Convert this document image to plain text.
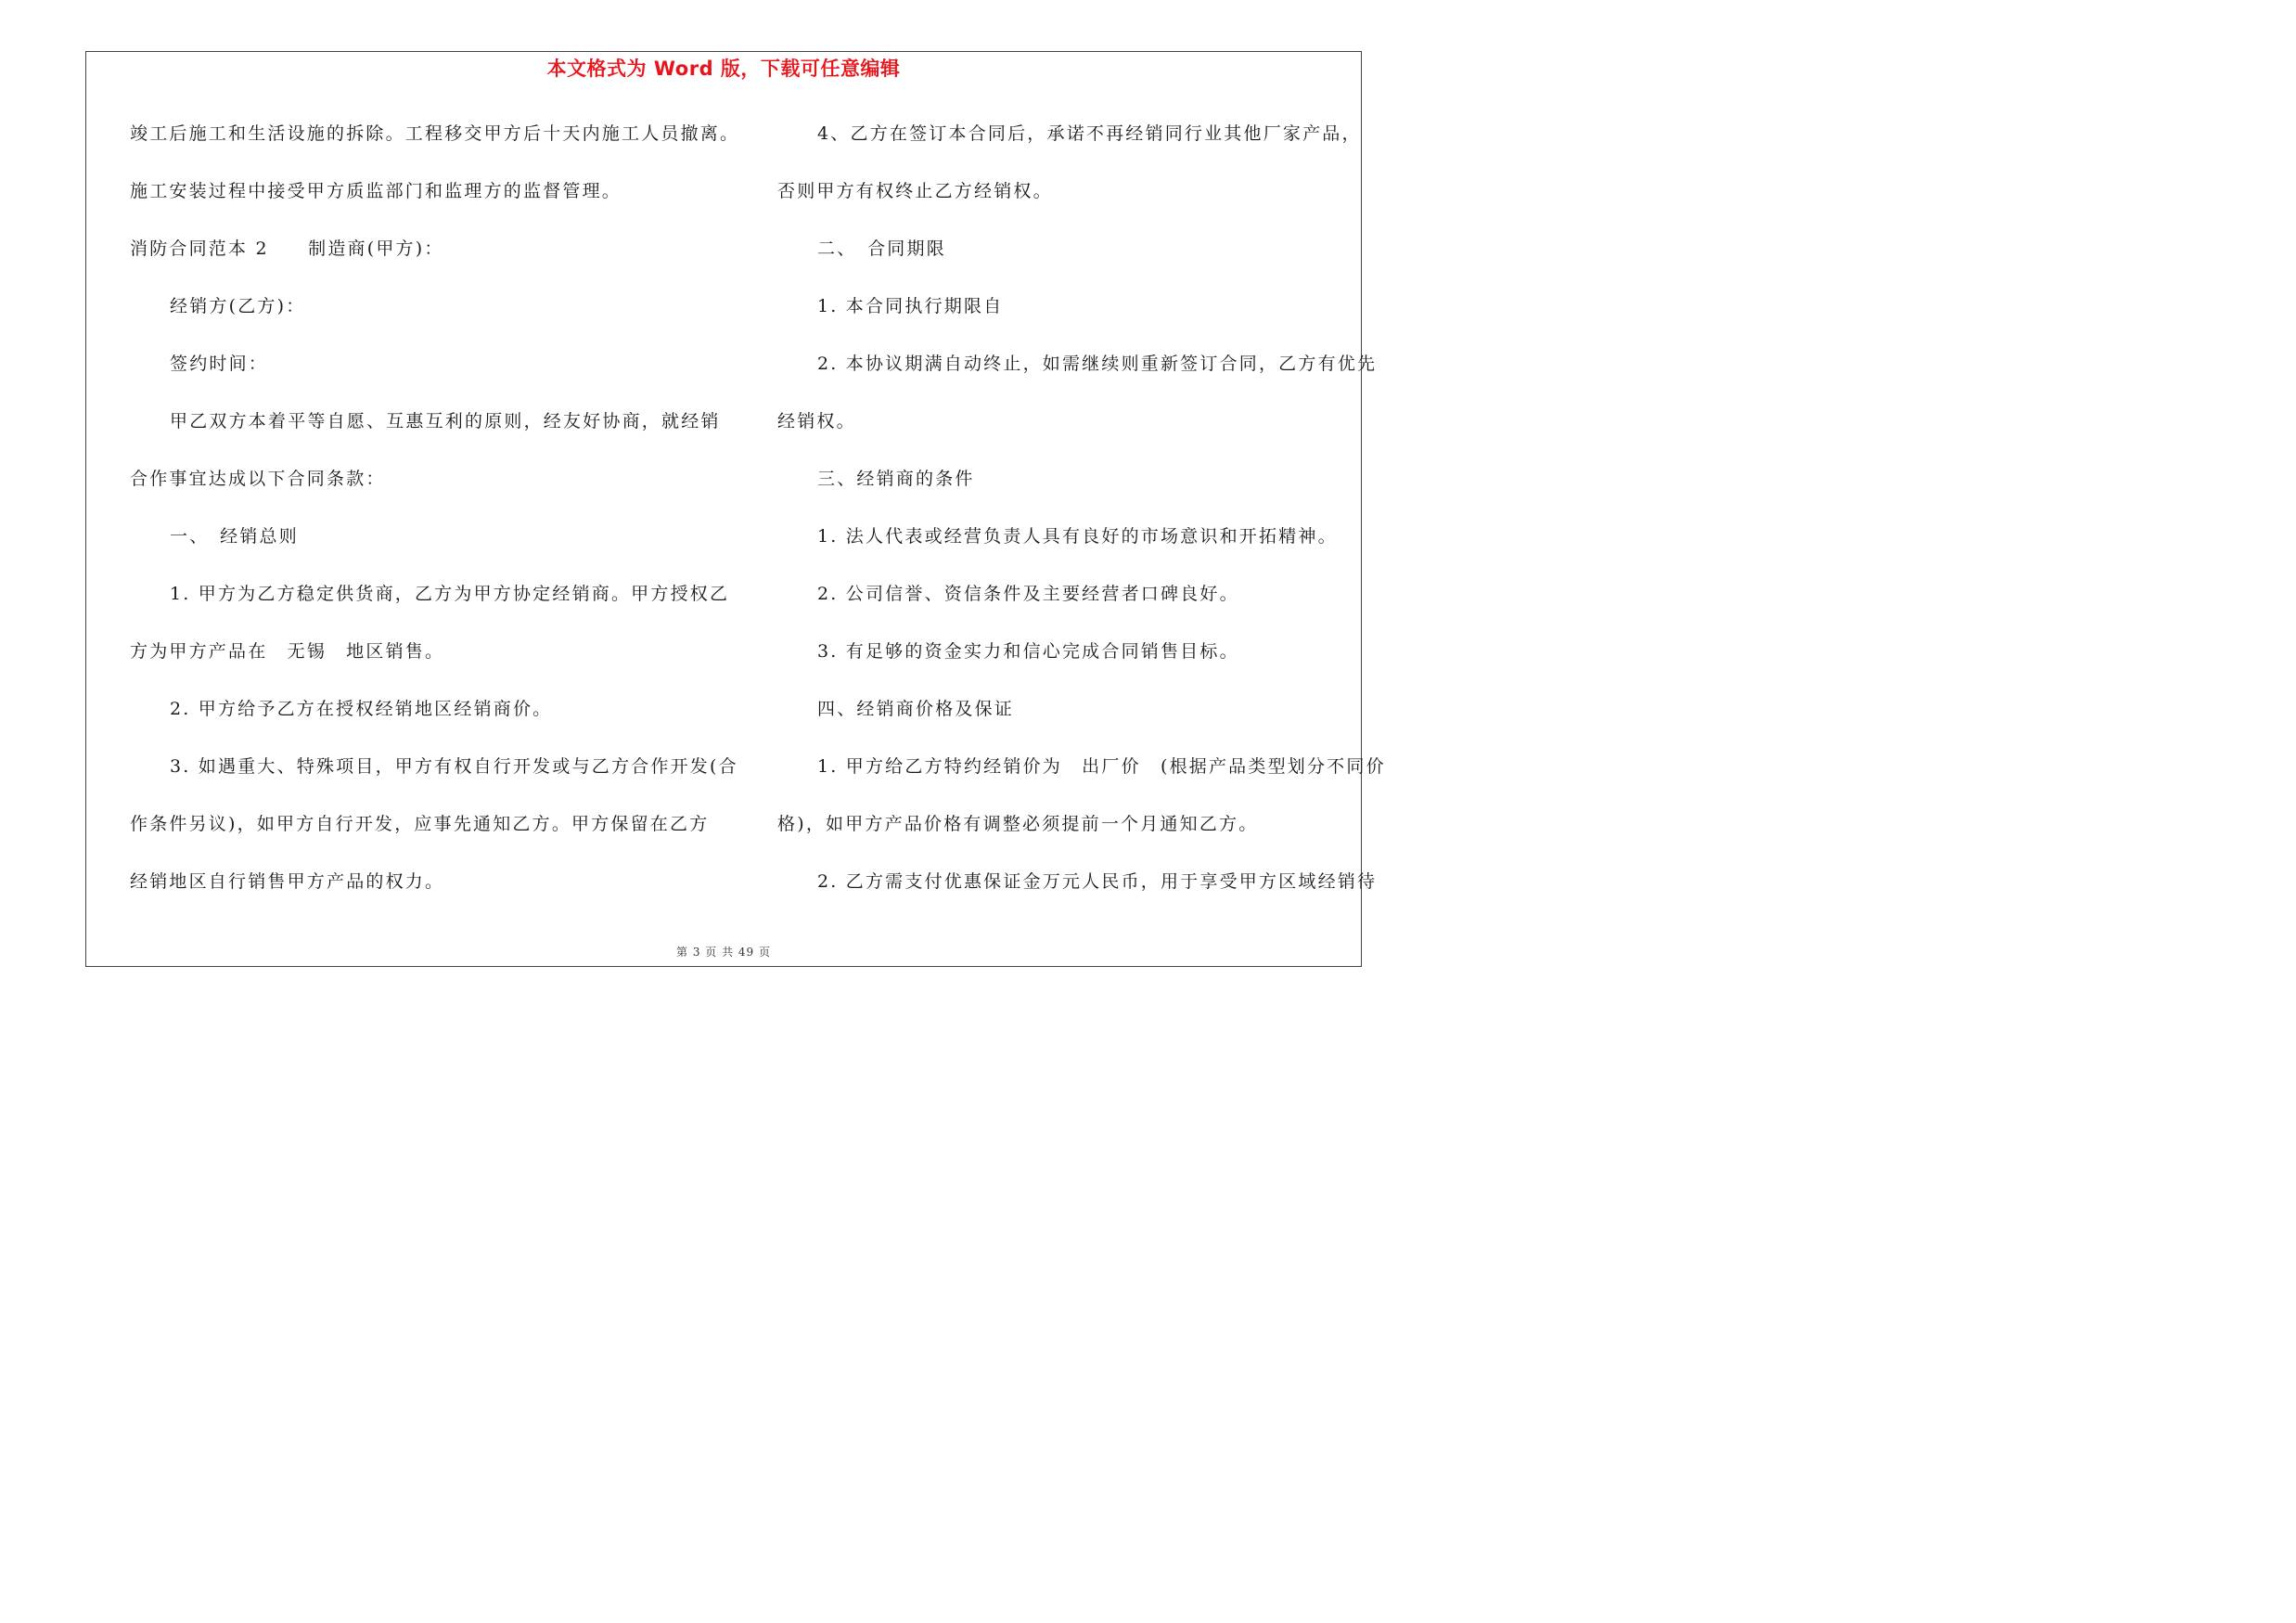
本文格式为 Word 版，下载可任意编辑
竣工后施工和生活设施的拆除。工程移交甲方后十天内施工人员撤离。
施工安装过程中接受甲方质监部门和监理方的监督管理。
消防合同范本 2　　制造商(甲方)：
经销方(乙方)：
签约时间：
甲乙双方本着平等自愿、互惠互利的原则，经友好协商，就经销
合作事宜达成以下合同条款：
一、　经销总则
1. 甲方为乙方稳定供货商，乙方为甲方协定经销商。甲方授权乙
方为甲方产品在　无锡　地区销售。
2. 甲方给予乙方在授权经销地区经销商价。
3. 如遇重大、特殊项目，甲方有权自行开发或与乙方合作开发(合
作条件另议)，如甲方自行开发，应事先通知乙方。甲方保留在乙方
经销地区自行销售甲方产品的权力。
4、乙方在签订本合同后，承诺不再经销同行业其他厂家产品，
否则甲方有权终止乙方经销权。
二、　合同期限
1. 本合同执行期限自
2. 本协议期满自动终止，如需继续则重新签订合同，乙方有优先
经销权。
三、经销商的条件
1. 法人代表或经营负责人具有良好的市场意识和开拓精神。
2. 公司信誉、资信条件及主要经营者口碑良好。
3. 有足够的资金实力和信心完成合同销售目标。
四、经销商价格及保证
1. 甲方给乙方特约经销价为　出厂价　(根据产品类型划分不同价
格)，如甲方产品价格有调整必须提前一个月通知乙方。
2. 乙方需支付优惠保证金万元人民币，用于享受甲方区域经销待
第 3 页 共 49 页
